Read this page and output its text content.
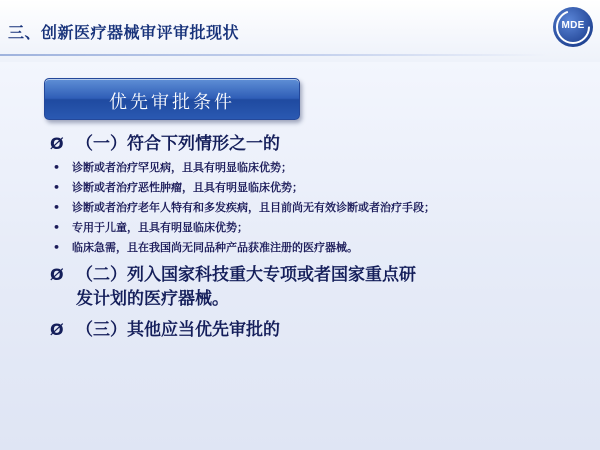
三、创新医疗器械审评审批现状	MDE
优先审批条件
Ø （一）符合下列情形之一的
• 诊断或者治疗罕见病，且具有明显临床优势；
• 诊断或者治疗恶性肿瘤，且具有明显临床优势；
• 诊断或者治疗老年人特有和多发疾病，且目前尚无有效诊断或者治疗手段；
• 专用于儿童，且具有明显临床优势；
• 临床急需，且在我国尚无同品种产品获准注册的医疗器械。
Ø （二）列入国家科技重大专项或者国家重点研
发计划的医疗器械。
Ø （三）其他应当优先审批的
